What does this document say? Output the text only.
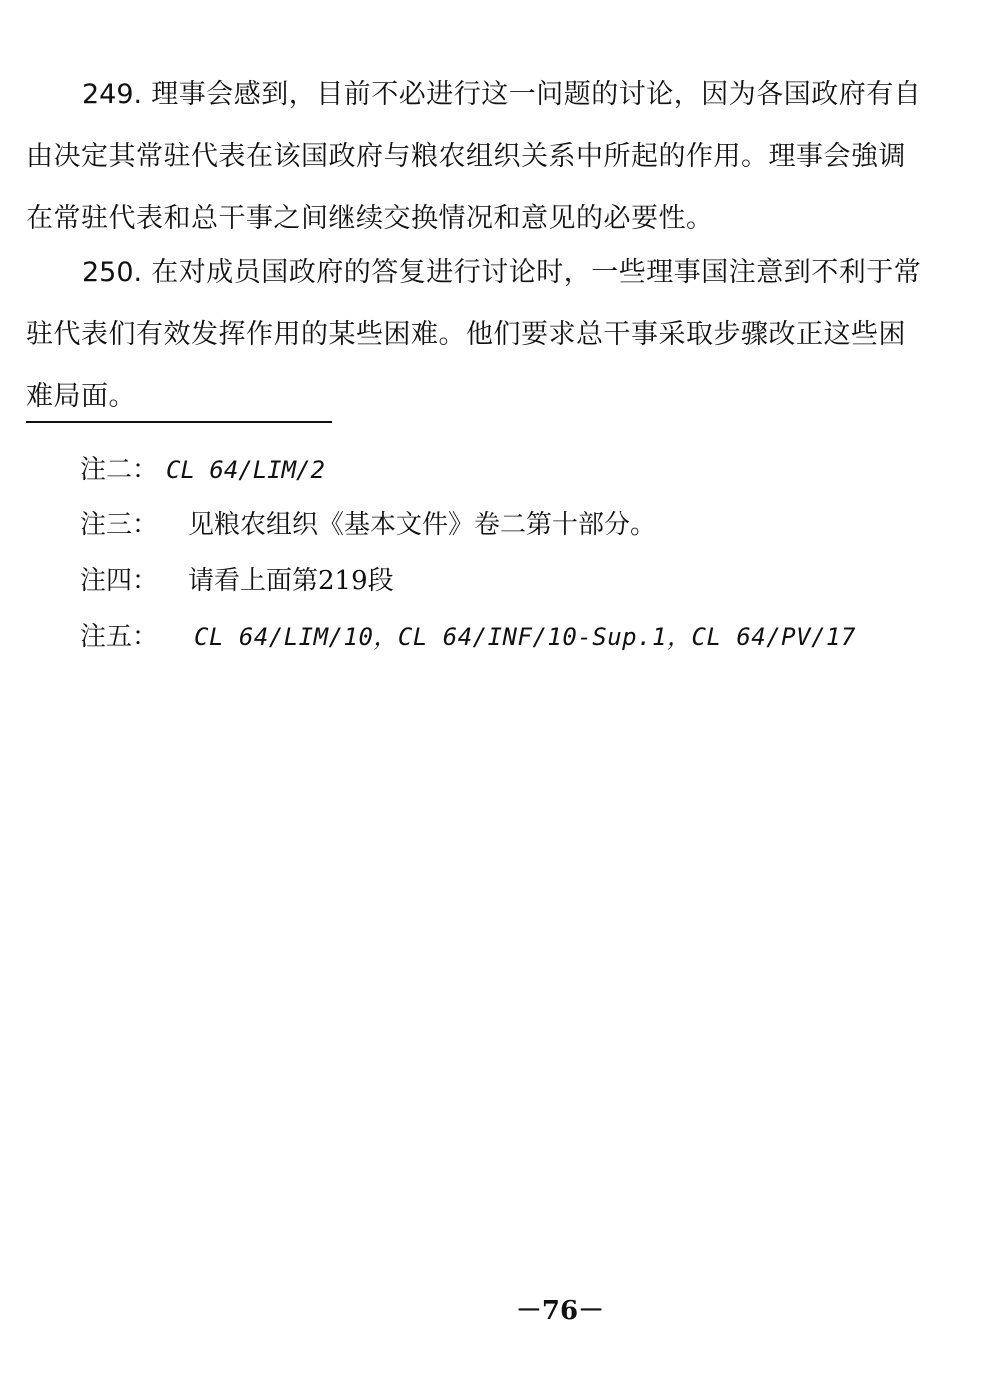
249. 理事会感到，目前不必进行这一问题的讨论，因为各国政府有自由决定其常驻代表在该国政府与粮农组织关系中所起的作用。理事会強调在常驻代表和总干事之间继续交换情况和意见的必要性。

250. 在对成员国政府的答复进行讨论时，一些理事国注意到不利于常驻代表们有效发挥作用的某些困难。他们要求总干事采取步骤改正这些困难局面。

注二： CL 64/LIM/2
注三： 见粮农组织《基本文件》卷二第十部分。
注四： 请看上面第219段
注五： CL 64/LIM/10，CL 64/INF/10-Sup.1，CL 64/PV/17
－76－
